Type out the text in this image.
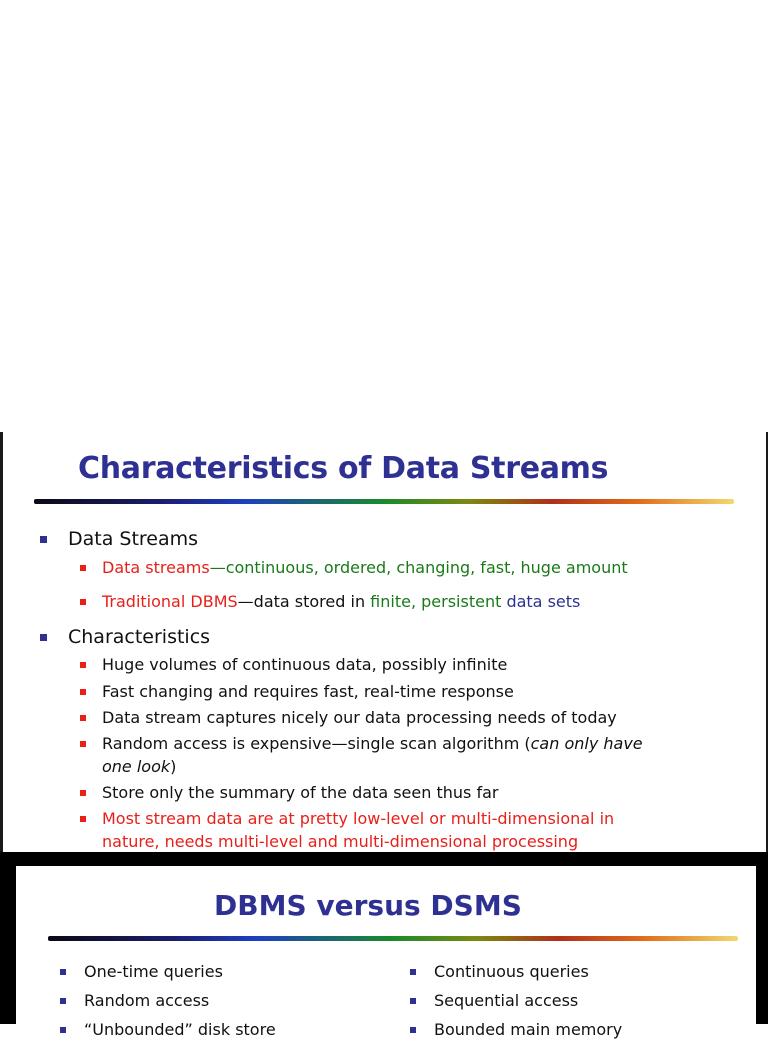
Characteristics of Data Streams
Data Streams
Data streams—continuous, ordered, changing, fast, huge amount
Traditional DBMS—data stored in finite, persistent data sets
Characteristics
Huge volumes of continuous data, possibly infinite
Fast changing and requires fast, real-time response
Data stream captures nicely our data processing needs of today
Random access is expensive—single scan algorithm (can only have
one look)
Store only the summary of the data seen thus far
Most stream data are at pretty low-level or multi-dimensional in
nature, needs multi-level and multi-dimensional processing
DBMS versus DSMS
One-time queries
Random access
“Unbounded” disk store
Continuous queries
Sequential access
Bounded main memory
